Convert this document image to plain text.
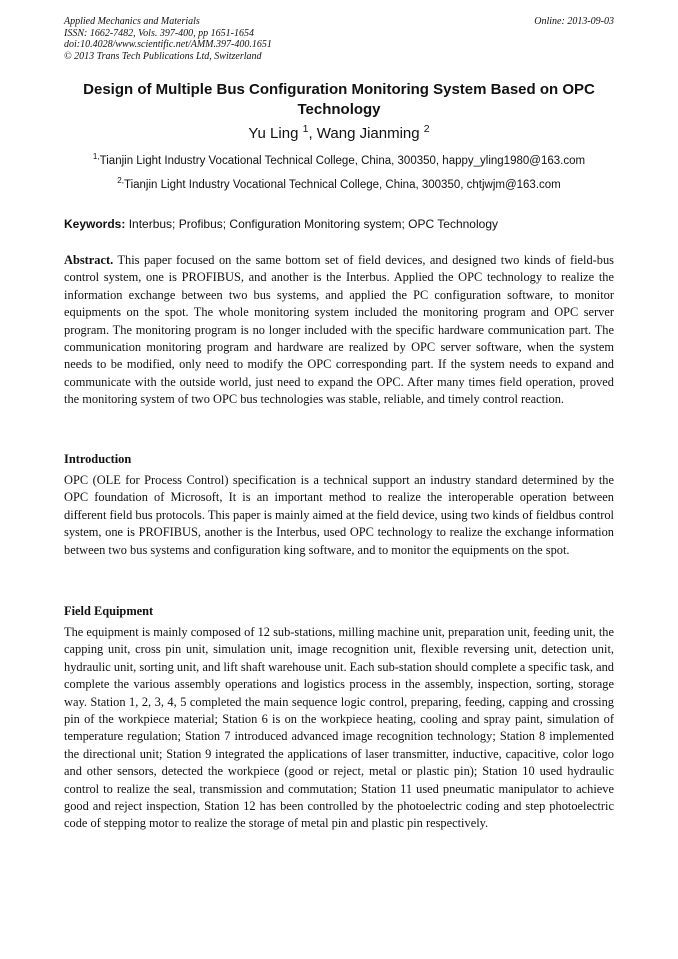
Applied Mechanics and Materials
ISSN: 1662-7482, Vols. 397-400, pp 1651-1654
doi:10.4028/www.scientific.net/AMM.397-400.1651
© 2013 Trans Tech Publications Ltd, Switzerland
Online: 2013-09-03
Design of Multiple Bus Configuration Monitoring System Based on OPC Technology
Yu Ling $^1$, Wang Jianming $^2$
$^{1,}$Tianjin Light Industry Vocational Technical College, China, 300350, happy_yling1980@163.com
$^{2,}$Tianjin Light Industry Vocational Technical College, China, 300350, chtjwjm@163.com
Keywords: Interbus; Profibus; Configuration Monitoring system; OPC Technology

Abstract. This paper focused on the same bottom set of field devices, and designed two kinds of field-bus control system, one is PROFIBUS, and another is the Interbus. Applied the OPC technology to realize the information exchange between two bus systems, and applied the PC configuration software, to monitor equipments on the spot. The whole monitoring system included the monitoring program and OPC server program. The monitoring program is no longer included with the specific hardware communication part. The communication monitoring program and hardware are realized by OPC server software, when the system needs to be modified, only need to modify the OPC corresponding part. If the system needs to expand and communicate with the outside world, just need to expand the OPC. After many times field operation, proved the monitoring system of two OPC bus technologies was stable, reliable, and timely control reaction.

Introduction

OPC (OLE for Process Control) specification is a technical support an industry standard determined by the OPC foundation of Microsoft, It is an important method to realize the interoperable operation between different field bus protocols. This paper is mainly aimed at the field device, using two kinds of fieldbus control system, one is PROFIBUS, another is the Interbus, used OPC technology to realize the exchange information between two bus systems and configuration king software, and to monitor the equipments on the spot.

Field Equipment

The equipment is mainly composed of 12 sub-stations, milling machine unit, preparation unit, feeding unit, the capping unit, cross pin unit, simulation unit, image recognition unit, flexible reversing unit, detection unit, hydraulic unit, sorting unit, and lift shaft warehouse unit. Each sub-station should complete a specific task, and complete the various assembly operations and logistics process in the assembly, inspection, sorting, storage way. Station 1, 2, 3, 4, 5 completed the main sequence logic control, preparing, feeding, capping and crossing pin of the workpiece material; Station 6 is on the workpiece heating, cooling and spray paint, simulation of temperature regulation; Station 7 introduced advanced image recognition technology; Station 8 implemented the directional unit; Station 9 integrated the applications of laser transmitter, inductive, capacitive, color logo and other sensors, detected the workpiece (good or reject, metal or plastic pin); Station 10 used hydraulic control to realize the seal, transmission and commutation; Station 11 used pneumatic manipulator to achieve good and reject inspection, Station 12 has been controlled by the photoelectric coding and step photoelectric code of stepping motor to realize the storage of metal pin and plastic pin respectively.
